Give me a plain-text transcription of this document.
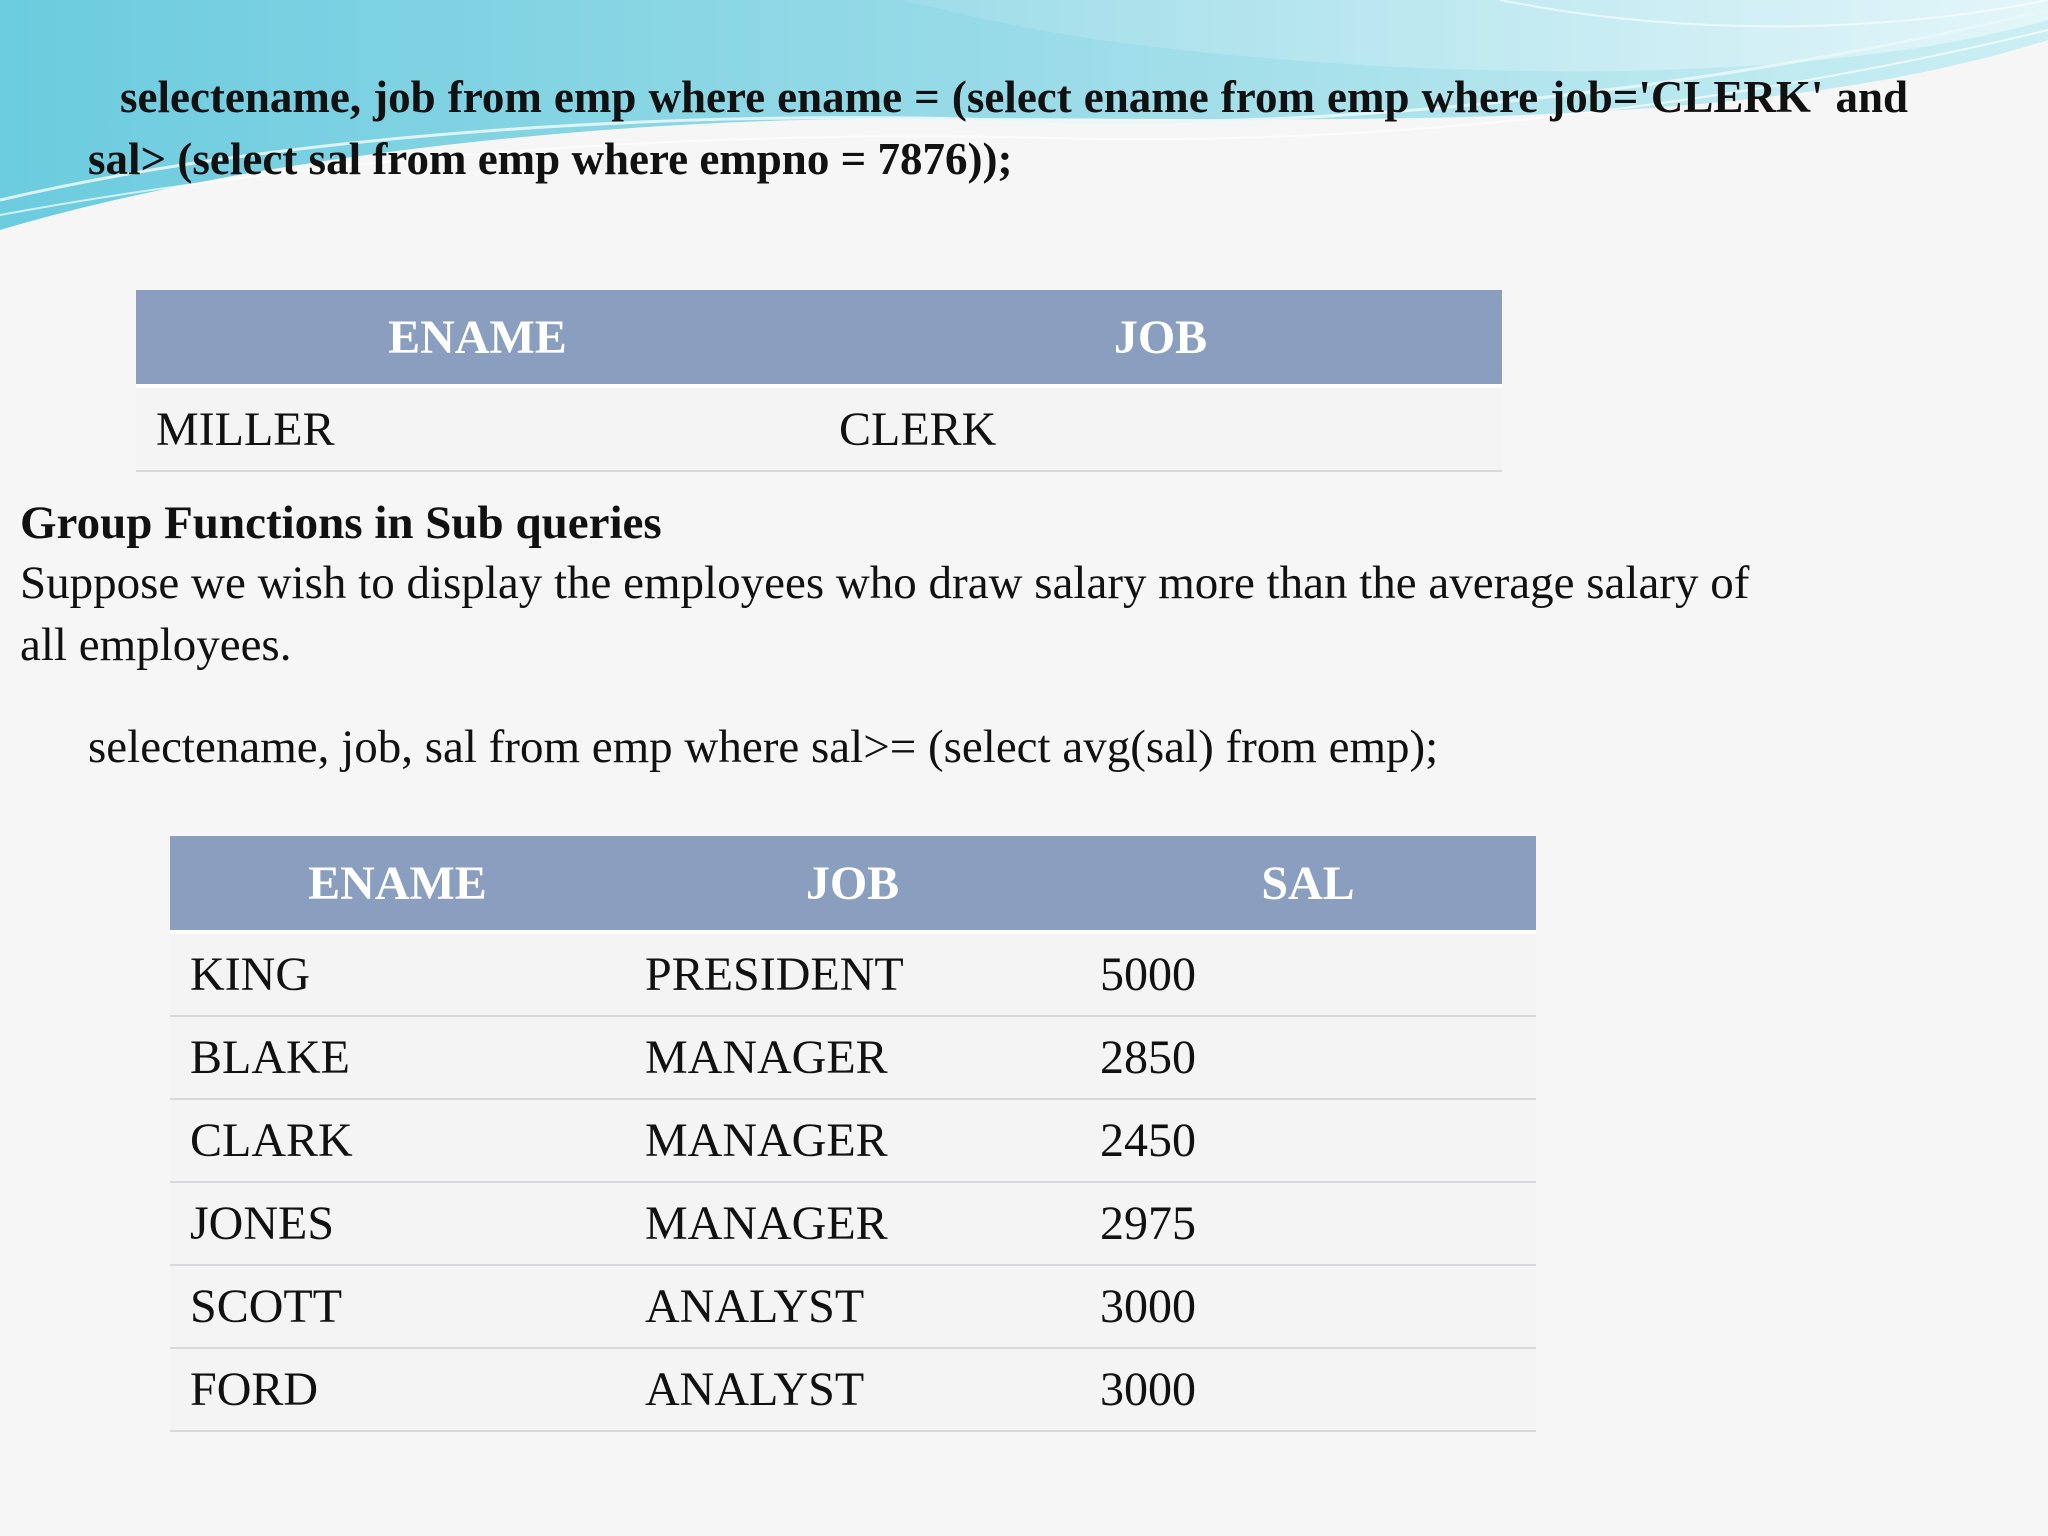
selectename, job from emp where ename = (select ename from emp where job='CLERK' and sal> (select sal from emp where empno = 7876));

ENAME	JOB
MILLER	CLERK
Group Functions in Sub queries

Suppose we wish to display the employees who draw salary more than the average salary of all employees.

selectename, job, sal from emp where sal>= (select avg(sal) from emp);

ENAME	JOB	SAL
KING	PRESIDENT	5000
BLAKE	MANAGER	2850
CLARK	MANAGER	2450
JONES	MANAGER	2975
SCOTT	ANALYST	3000
FORD	ANALYST	3000
